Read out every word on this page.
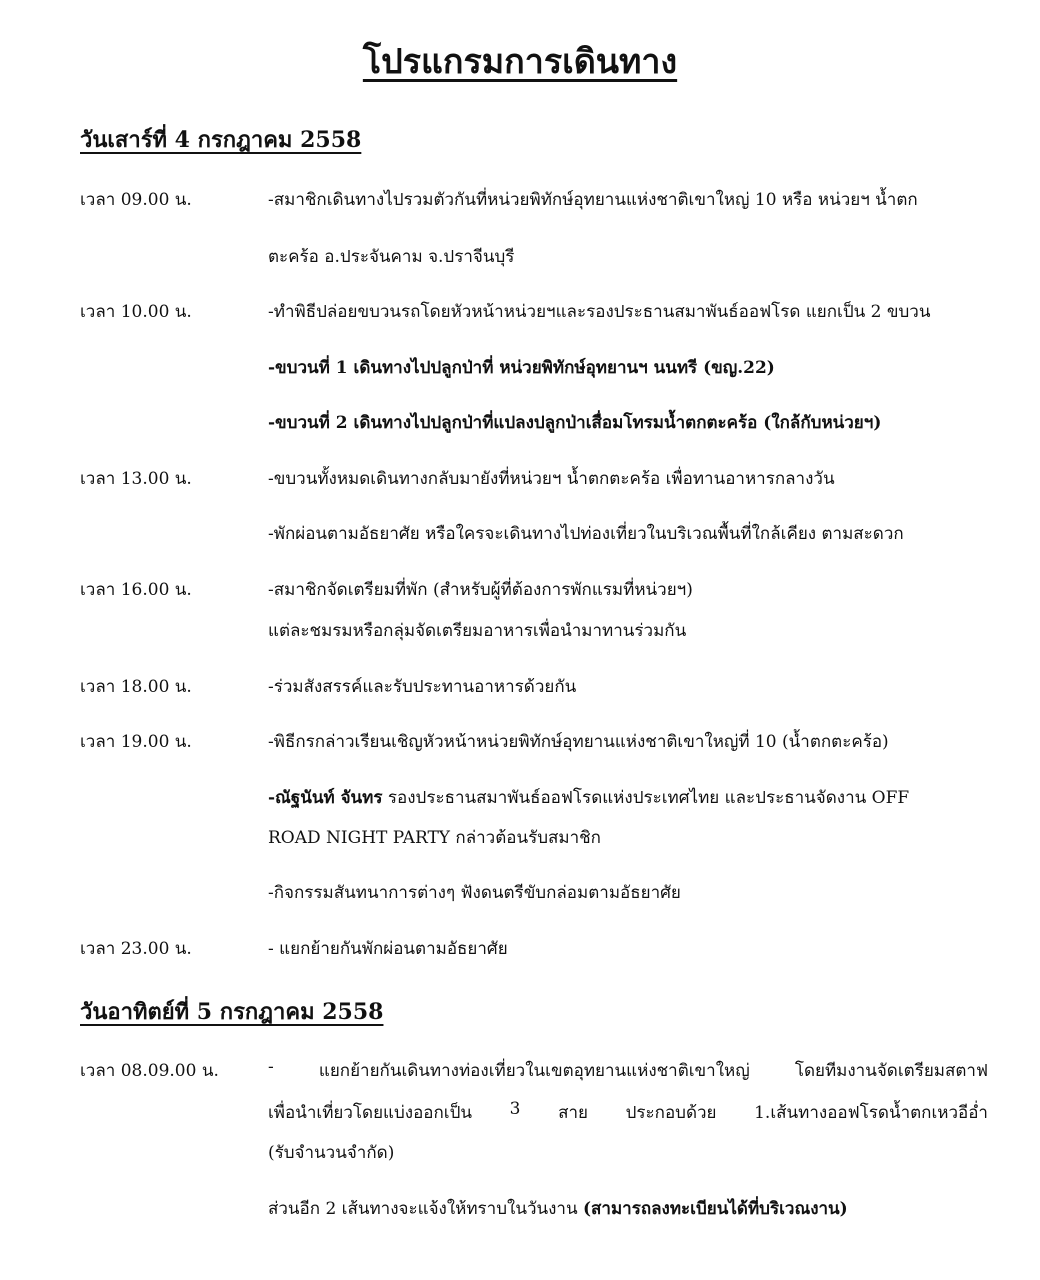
โปรแกรมการเดินทาง
วันเสาร์ที่ 4 กรกฎาคม 2558
เวลา 09.00 น.	-สมาชิกเดินทางไปรวมตัวกันที่หน่วยพิทักษ์อุทยานแห่งชาติเขาใหญ่ 10 หรือ หน่วยฯ น้ำตก
ตะคร้อ อ.ประจันคาม จ.ปราจีนบุรี
เวลา 10.00 น.	-ทำพิธีปล่อยขบวนรถโดยหัวหน้าหน่วยฯและรองประธานสมาพันธ์ออฟโรด แยกเป็น 2 ขบวน
-ขบวนที่ 1 เดินทางไปปลูกป่าที่ หน่วยพิทักษ์อุทยานฯ นนทรี (ขญ.22)
-ขบวนที่ 2 เดินทางไปปลูกป่าที่แปลงปลูกป่าเสื่อมโทรมน้ำตกตะคร้อ (ใกล้กับหน่วยฯ)
เวลา 13.00 น.	-ขบวนทั้งหมดเดินทางกลับมายังที่หน่วยฯ น้ำตกตะคร้อ เพื่อทานอาหารกลางวัน
-พักผ่อนตามอัธยาศัย หรือใครจะเดินทางไปท่องเที่ยวในบริเวณพื้นที่ใกล้เคียง ตามสะดวก
เวลา 16.00 น.	-สมาชิกจัดเตรียมที่พัก (สำหรับผู้ที่ต้องการพักแรมที่หน่วยฯ)
แต่ละชมรมหรือกลุ่มจัดเตรียมอาหารเพื่อนำมาทานร่วมกัน
เวลา 18.00 น.	-ร่วมสังสรรค์และรับประทานอาหารด้วยกัน
เวลา 19.00 น.	-พิธีกรกล่าวเรียนเชิญหัวหน้าหน่วยพิทักษ์อุทยานแห่งชาติเขาใหญ่ที่ 10 (น้ำตกตะคร้อ)
-ณัฐนันท์ จันทร รองประธานสมาพันธ์ออฟโรดแห่งประเทศไทย และประธานจัดงาน OFF
ROAD NIGHT PARTY กล่าวต้อนรับสมาชิก
-กิจกรรมสันทนาการต่างๆ ฟังดนตรีขับกล่อมตามอัธยาศัย
เวลา 23.00 น.	- แยกย้ายกันพักผ่อนตามอัธยาศัย
วันอาทิตย์ที่ 5 กรกฎาคม 2558
เวลา 08.09.00 น.	-	แยกย้ายกันเดินทางท่องเที่ยวในเขตอุทยานแห่งชาติเขาใหญ่	โดยทีมงานจัดเตรียมสตาฟ
เพื่อนำเที่ยวโดยแบ่งออกเป็น 3 สาย ประกอบด้วย 1.เส้นทางออฟโรดน้ำตกเหวอีอ่ำ
(รับจำนวนจำกัด)
ส่วนอีก 2 เส้นทางจะแจ้งให้ทราบในวันงาน (สามารถลงทะเบียนได้ที่บริเวณงาน)
